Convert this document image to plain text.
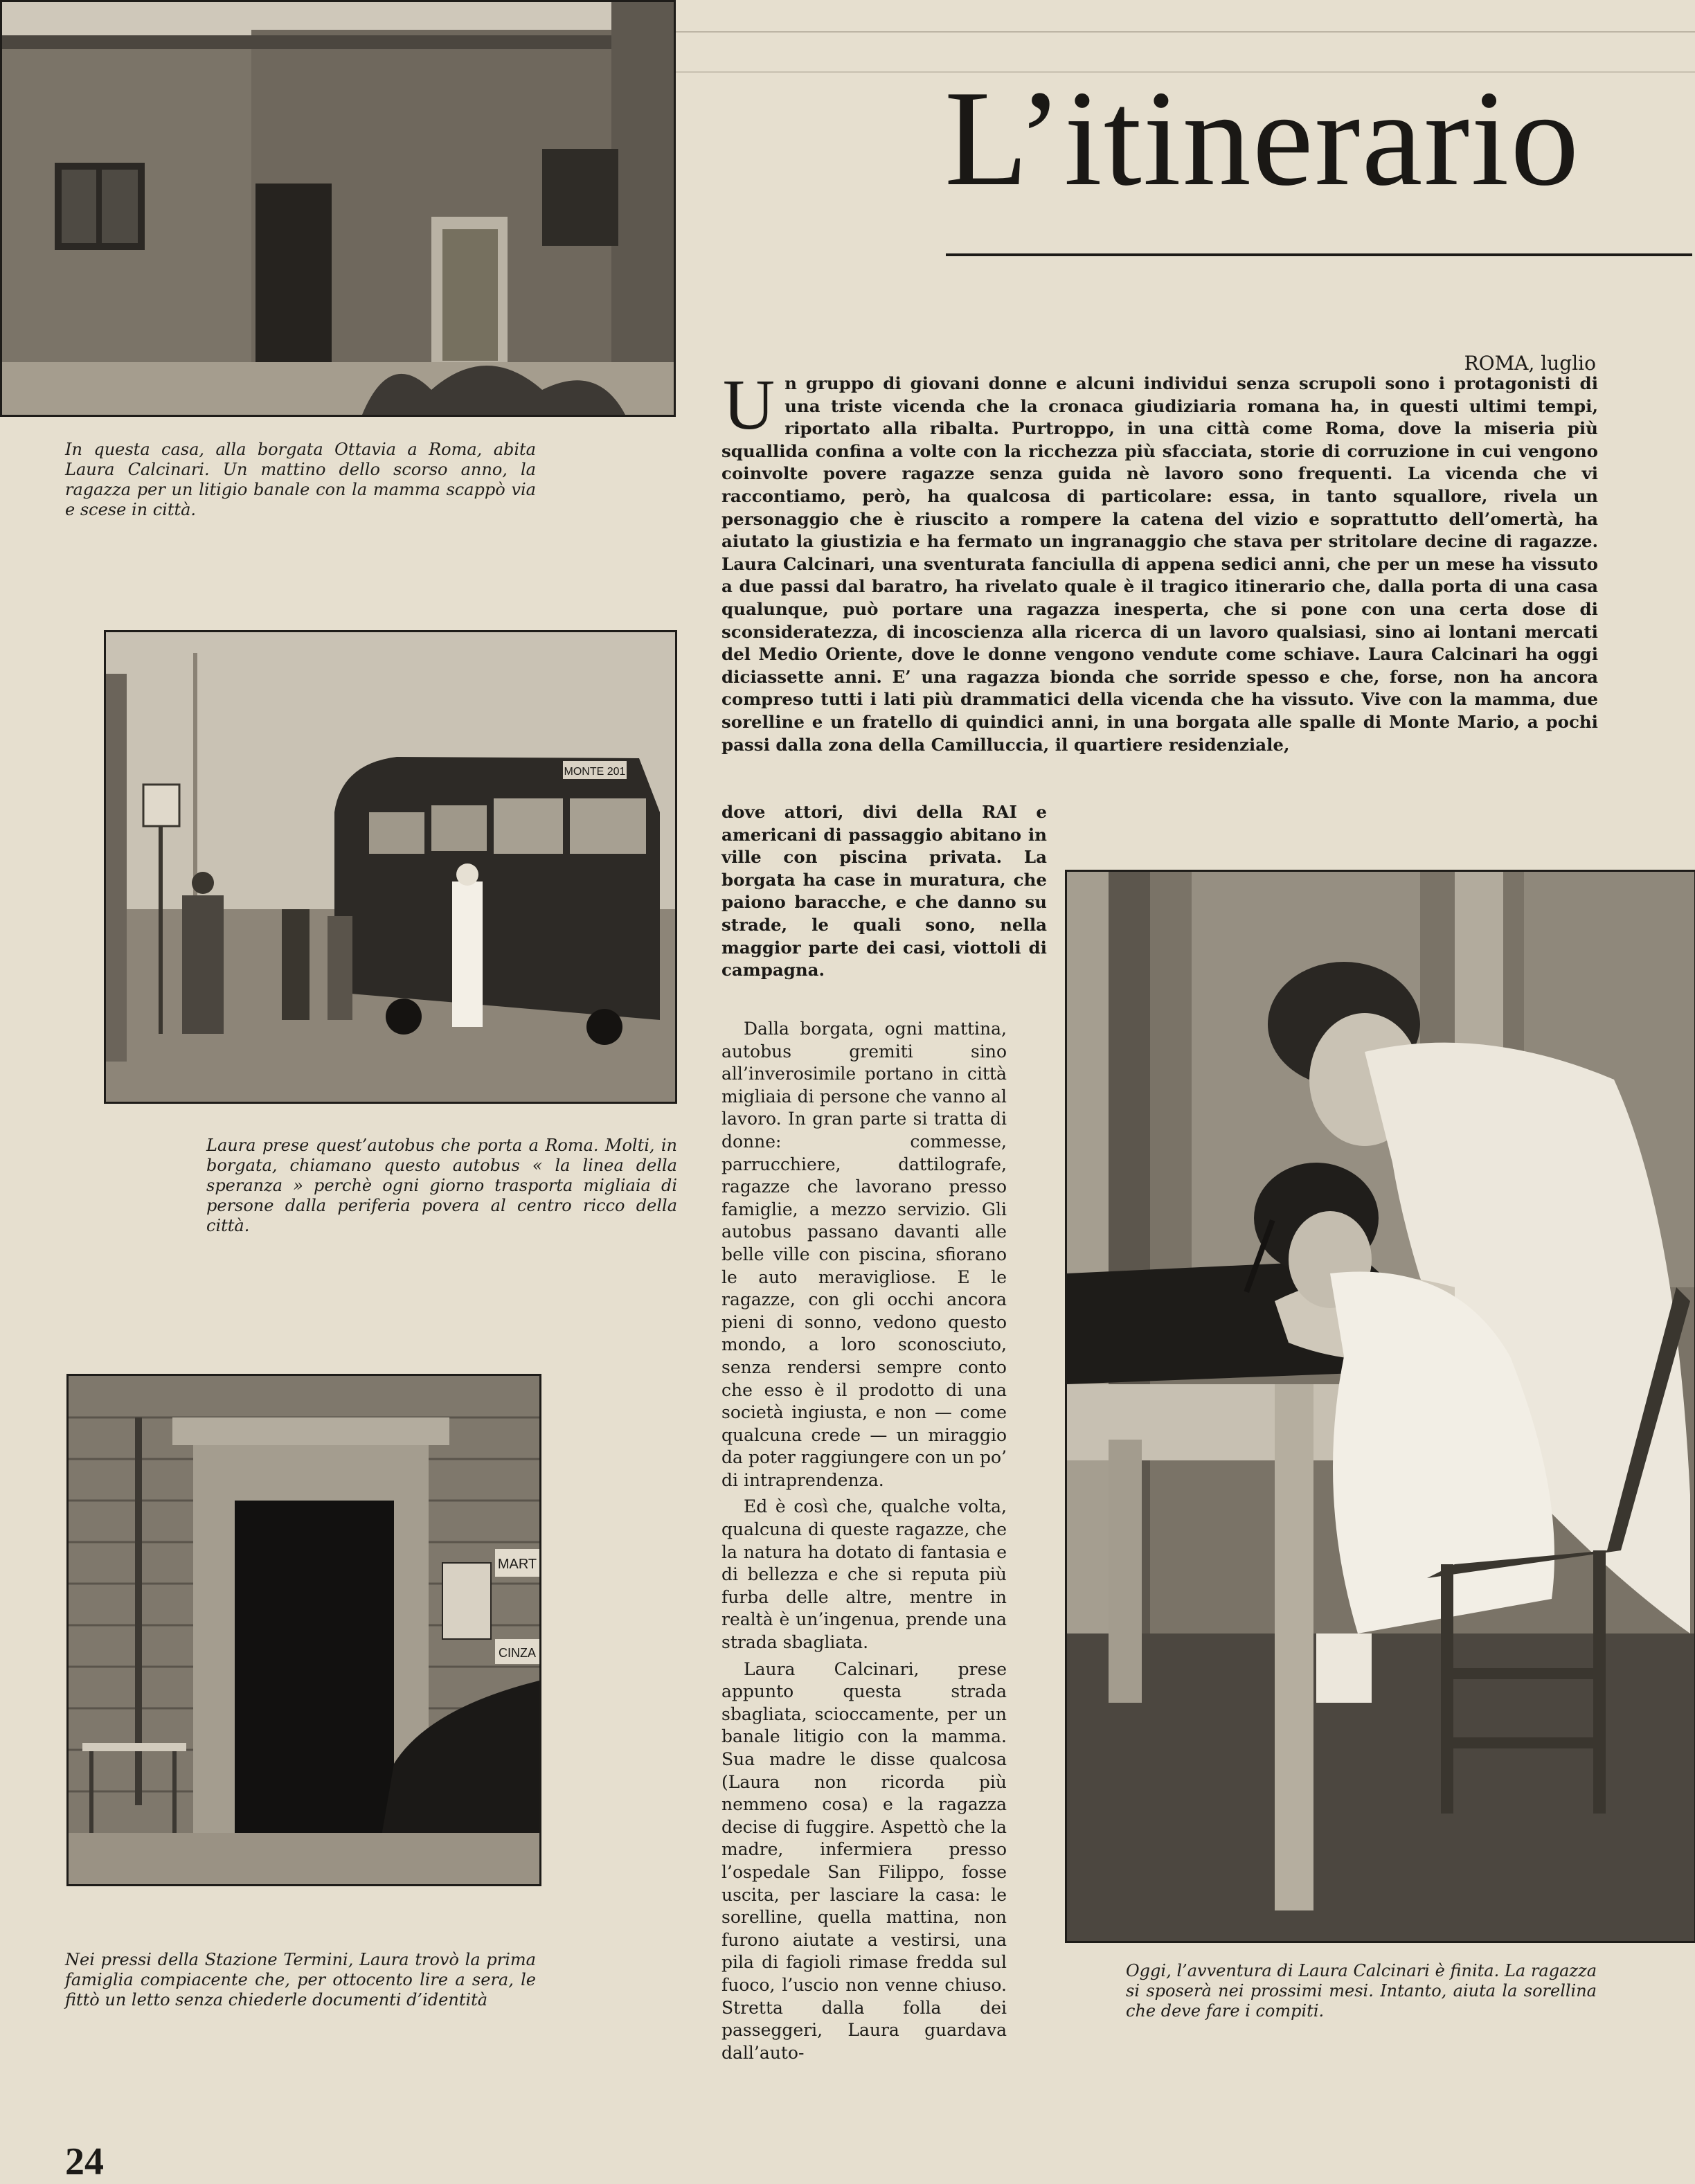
In questa casa, alla borgata Ottavia a Roma, abita Laura Calcinari. Un mattino dello scorso anno, la ragazza per un litigio banale con la mamma scappò via e scese in città.
MONTE 201
Laura prese quest’autobus che porta a Roma. Molti, in borgata, chiamano questo autobus « la linea della speranza » perchè ogni giorno trasporta migliaia di persone dalla periferia povera al centro ricco della città.
MART
CINZA
Nei pressi della Stazione Termini, Laura trovò la prima famiglia compiacente che, per ottocento lire a sera, le fittò un letto senza chiederle documenti d’identità
L’itinerario
ROMA, luglio
Un gruppo di giovani donne e alcuni individui senza scrupoli sono i protagonisti di una triste vicenda che la cronaca giudiziaria romana ha, in questi ultimi tempi, riportato alla ribalta. Purtroppo, in una città come Roma, dove la miseria più squallida confina a volte con la ricchezza più sfacciata, storie di corruzione in cui vengono coinvolte povere ragazze senza guida nè lavoro sono frequenti. La vicenda che vi raccontiamo, però, ha qualcosa di particolare: essa, in tanto squallore, rivela un personaggio che è riuscito a rompere la catena del vizio e soprattutto dell’omertà, ha aiutato la giustizia e ha fermato un ingranaggio che stava per stritolare decine di ragazze. Laura Calcinari, una sventurata fanciulla di appena sedici anni, che per un mese ha vissuto a due passi dal baratro, ha rivelato quale è il tragico itinerario che, dalla porta di una casa qualunque, può portare una ragazza inesperta, che si pone con una certa dose di sconsideratezza, di incoscienza alla ricerca di un lavoro qualsiasi, sino ai lontani mercati del Medio Oriente, dove le donne vengono vendute come schiave. Laura Calcinari ha oggi diciassette anni. E’ una ragazza bionda che sorride spesso e che, forse, non ha ancora compreso tutti i lati più drammatici della vicenda che ha vissuto. Vive con la mamma, due sorelline e un fratello di quindici anni, in una borgata alle spalle di Monte Mario, a pochi passi dalla zona della Camilluccia, il quartiere residenziale,
dove attori, divi della RAI e americani di passaggio abitano in ville con piscina privata. La borgata ha case in muratura, che paiono baracche, e che danno su strade, le quali sono, nella maggior parte dei casi, viottoli di campagna.

Dalla borgata, ogni mattina, autobus gremiti sino all’inverosimile portano in città migliaia di persone che vanno al lavoro. In gran parte si tratta di donne: commesse, parrucchiere, dattilografe, ragazze che lavorano presso famiglie, a mezzo servizio. Gli autobus passano davanti alle belle ville con piscina, sfiorano le auto meravigliose. E le ragazze, con gli occhi ancora pieni di sonno, vedono questo mondo, a loro sconosciuto, senza rendersi sempre conto che esso è il prodotto di una società ingiusta, e non — come qualcuna crede — un miraggio da poter raggiungere con un po’ di intraprendenza.

Ed è così che, qualche volta, qualcuna di queste ragazze, che la natura ha dotato di fantasia e di bellezza e che si reputa più furba delle altre, mentre in realtà è un’ingenua, prende una strada sbagliata.

Laura Calcinari, prese appunto questa strada sbagliata, scioccamente, per un banale litigio con la mamma. Sua madre le disse qualcosa (Laura non ricorda più nemmeno cosa) e la ragazza decise di fuggire. Aspettò che la madre, infermiera presso l’ospedale San Filippo, fosse uscita, per lasciare la casa: le sorelline, quella mattina, non furono aiutate a vestirsi, una pila di fagioli rimase fredda sul fuoco, l’uscio non venne chiuso. Stretta dalla folla dei passeggeri, Laura guardava dall’auto-

Oggi, l’avventura di Laura Calcinari è finita. La ragazza si sposerà nei prossimi mesi. Intanto, aiuta la sorellina che deve fare i compiti.
24
